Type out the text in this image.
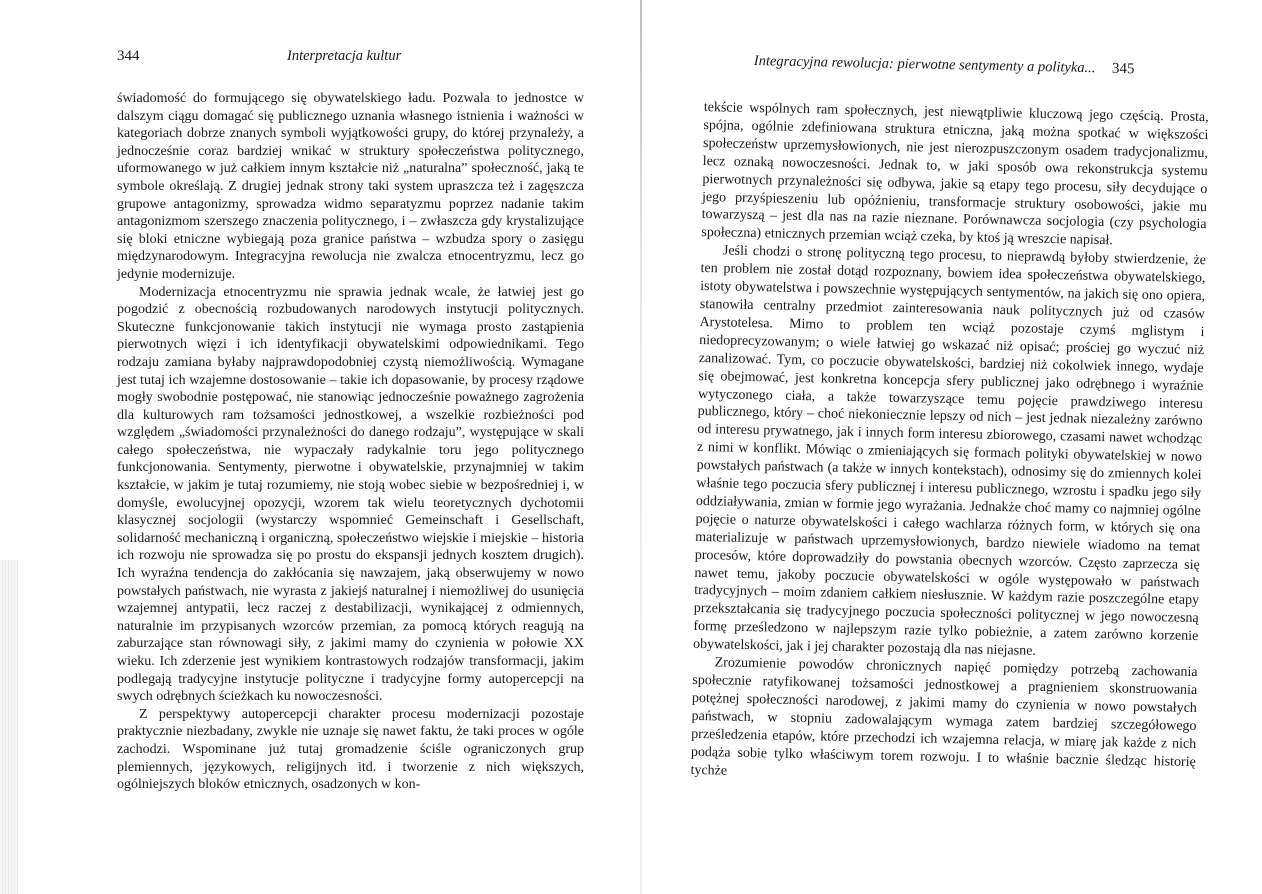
344	Interpretacja kultur

świadomość do formującego się obywatelskiego ładu. Pozwala to jednostce w dalszym ciągu domagać się publicznego uznania własnego istnienia i ważności w kategoriach dobrze znanych symboli wyjątkowości grupy, do której przynależy, a jednocześnie coraz bardziej wnikać w struktury społeczeństwa politycznego, uformowanego w już całkiem innym kształcie niż „naturalna” społeczność, jaką te symbole określają. Z drugiej jednak strony taki system upraszcza też i zagęszcza grupowe antagonizmy, sprowadza widmo separatyzmu poprzez nadanie takim antagonizmom szerszego znaczenia politycznego, i – zwłaszcza gdy krystalizujące się bloki etniczne wybiegają poza granice państwa – wzbudza spory o zasięgu międzynarodowym. Integracyjna rewolucja nie zwalcza etnocentryzmu, lecz go jedynie modernizuje.

Modernizacja etnocentryzmu nie sprawia jednak wcale, że łatwiej jest go pogodzić z obecnością rozbudowanych narodowych instytucji politycznych. Skuteczne funkcjonowanie takich instytucji nie wymaga prosto zastąpienia pierwotnych więzi i ich identyfikacji obywatelskimi odpowiednikami. Tego rodzaju zamiana byłaby najprawdopodobniej czystą niemożliwością. Wymagane jest tutaj ich wzajemne dostosowanie – takie ich dopasowanie, by procesy rządowe mogły swobodnie postępować, nie stanowiąc jednocześnie poważnego zagrożenia dla kulturowych ram tożsamości jednostkowej, a wszelkie rozbieżności pod względem „świadomości przynależności do danego rodzaju”, występujące w skali całego społeczeństwa, nie wypaczały radykalnie toru jego politycznego funkcjonowania. Sentymenty, pierwotne i obywatelskie, przynajmniej w takim kształcie, w jakim je tutaj rozumiemy, nie stoją wobec siebie w bezpośredniej i, w domyśle, ewolucyjnej opozycji, wzorem tak wielu teoretycznych dychotomii klasycznej socjologii (wystarczy wspomnieć Gemeinschaft i Gesellschaft, solidarność mechaniczną i organiczną, społeczeństwo wiejskie i miejskie – historia ich rozwoju nie sprowadza się po prostu do ekspansji jednych kosztem drugich). Ich wyraźna tendencja do zakłócania się nawzajem, jaką obserwujemy w nowo powstałych państwach, nie wyrasta z jakiejś naturalnej i niemożliwej do usunięcia wzajemnej antypatii, lecz raczej z destabilizacji, wynikającej z odmiennych, naturalnie im przypisanych wzorców przemian, za pomocą których reagują na zaburzające stan równowagi siły, z jakimi mamy do czynienia w połowie XX wieku. Ich zderzenie jest wynikiem kontrastowych rodzajów transformacji, jakim podlegają tradycyjne instytucje polityczne i tradycyjne formy autopercepcji na swych odrębnych ścieżkach ku nowoczesności.

Z perspektywy autopercepcji charakter procesu modernizacji pozostaje praktycznie niezbadany, zwykle nie uznaje się nawet faktu, że taki proces w ogóle zachodzi. Wspominane już tutaj gromadzenie ściśle ograniczonych grup plemiennych, językowych, religijnych itd. i tworzenie z nich większych, ogólniejszych bloków etnicznych, osadzonych w kon-

Integracyjna rewolucja: pierwotne sentymenty a polityka... 345

tekście wspólnych ram społecznych, jest niewątpliwie kluczową jego częścią. Prosta, spójna, ogólnie zdefiniowana struktura etniczna, jaką można spotkać w większości społeczeństw uprzemysłowionych, nie jest nierozpuszczonym osadem tradycjonalizmu, lecz oznaką nowoczesności. Jednak to, w jaki sposób owa rekonstrukcja systemu pierwotnych przynależności się odbywa, jakie są etapy tego procesu, siły decydujące o jego przyśpieszeniu lub opóźnieniu, transformacje struktury osobowości, jakie mu towarzyszą – jest dla nas na razie nieznane. Porównawcza socjologia (czy psychologia społeczna) etnicznych przemian wciąż czeka, by ktoś ją wreszcie napisał.

Jeśli chodzi o stronę polityczną tego procesu, to nieprawdą byłoby stwierdzenie, że ten problem nie został dotąd rozpoznany, bowiem idea społeczeństwa obywatelskiego, istoty obywatelstwa i powszechnie występujących sentymentów, na jakich się ono opiera, stanowiła centralny przedmiot zainteresowania nauk politycznych już od czasów Arystotelesa. Mimo to problem ten wciąż pozostaje czymś mglistym i niedoprecyzowanym; o wiele łatwiej go wskazać niż opisać; prościej go wyczuć niż zanalizować. Tym, co poczucie obywatelskości, bardziej niż cokolwiek innego, wydaje się obejmować, jest konkretna koncepcja sfery publicznej jako odrębnego i wyraźnie wytyczonego ciała, a także towarzyszące temu pojęcie prawdziwego interesu publicznego, który – choć niekoniecznie lepszy od nich – jest jednak niezależny zarówno od interesu prywatnego, jak i innych form interesu zbiorowego, czasami nawet wchodząc z nimi w konflikt. Mówiąc o zmieniających się formach polityki obywatelskiej w nowo powstałych państwach (a także w innych kontekstach), odnosimy się do zmiennych kolei właśnie tego poczucia sfery publicznej i interesu publicznego, wzrostu i spadku jego siły oddziaływania, zmian w formie jego wyrażania. Jednakże choć mamy co najmniej ogólne pojęcie o naturze obywatelskości i całego wachlarza różnych form, w których się ona materializuje w państwach uprzemysłowionych, bardzo niewiele wiadomo na temat procesów, które doprowadziły do powstania obecnych wzorców. Często zaprzecza się nawet temu, jakoby poczucie obywatelskości w ogóle występowało w państwach tradycyjnych – moim zdaniem całkiem niesłusznie. W każdym razie poszczególne etapy przekształcania się tradycyjnego poczucia społeczności politycznej w jego nowoczesną formę prześledzono w najlepszym razie tylko pobieżnie, a zatem zarówno korzenie obywatelskości, jak i jej charakter pozostają dla nas niejasne.

Zrozumienie powodów chronicznych napięć pomiędzy potrzebą zachowania społecznie ratyfikowanej tożsamości jednostkowej a pragnieniem skonstruowania potężnej społeczności narodowej, z jakimi mamy do czynienia w nowo powstałych państwach, w stopniu zadowalającym wymaga zatem bardziej szczegółowego prześledzenia etapów, które przechodzi ich wzajemna relacja, w miarę jak każde z nich podąża sobie tylko właściwym torem rozwoju. I to właśnie bacznie śledząc historię tychże
